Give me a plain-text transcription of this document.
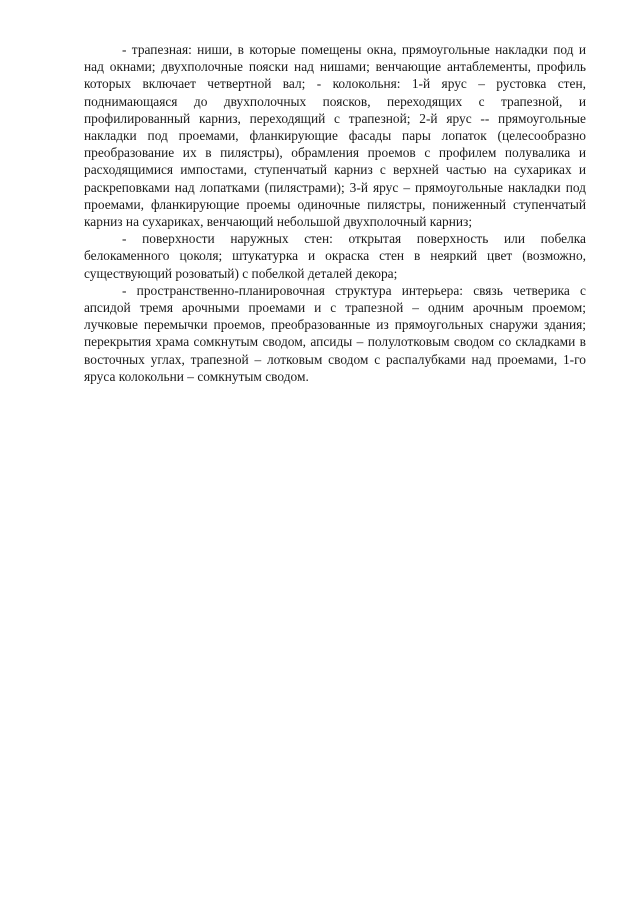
- трапезная: ниши, в которые помещены окна, прямоугольные накладки под и над окнами; двухполочные пояски над нишами; венчающие антаблементы, профиль которых включает четвертной вал; - колокольня: 1-й ярус – рустовка стен, поднимающаяся до двухполочных поясков, переходящих с трапезной, и профилированный карниз, переходящий с трапезной; 2-й ярус -- прямоугольные накладки под проемами, фланкирующие фасады пары лопаток (целесообразно преобразование их в пилястры), обрамления проемов с профилем полувалика и расходящимися импостами, ступенчатый карниз с верхней частью на сухариках и раскреповками над лопатками (пилястрами); 3-й ярус – прямоугольные накладки под проемами, фланкирующие проемы одиночные пилястры, пониженный ступенчатый карниз на сухариках, венчающий небольшой двухполочный карниз;

- поверхности наружных стен: открытая поверхность или побелка белокаменного цоколя; штукатурка и окраска стен в неяркий цвет (возможно, существующий розоватый) с побелкой деталей декора;

- пространственно-планировочная структура интерьера: связь четверика с апсидой тремя арочными проемами и с трапезной – одним арочным проемом; лучковые перемычки проемов, преобразованные из прямоугольных снаружи здания; перекрытия храма сомкнутым сводом, апсиды – полулотковым сводом со складками в восточных углах, трапезной – лотковым сводом с распалубками над проемами, 1-го яруса колокольни – сомкнутым сводом.
